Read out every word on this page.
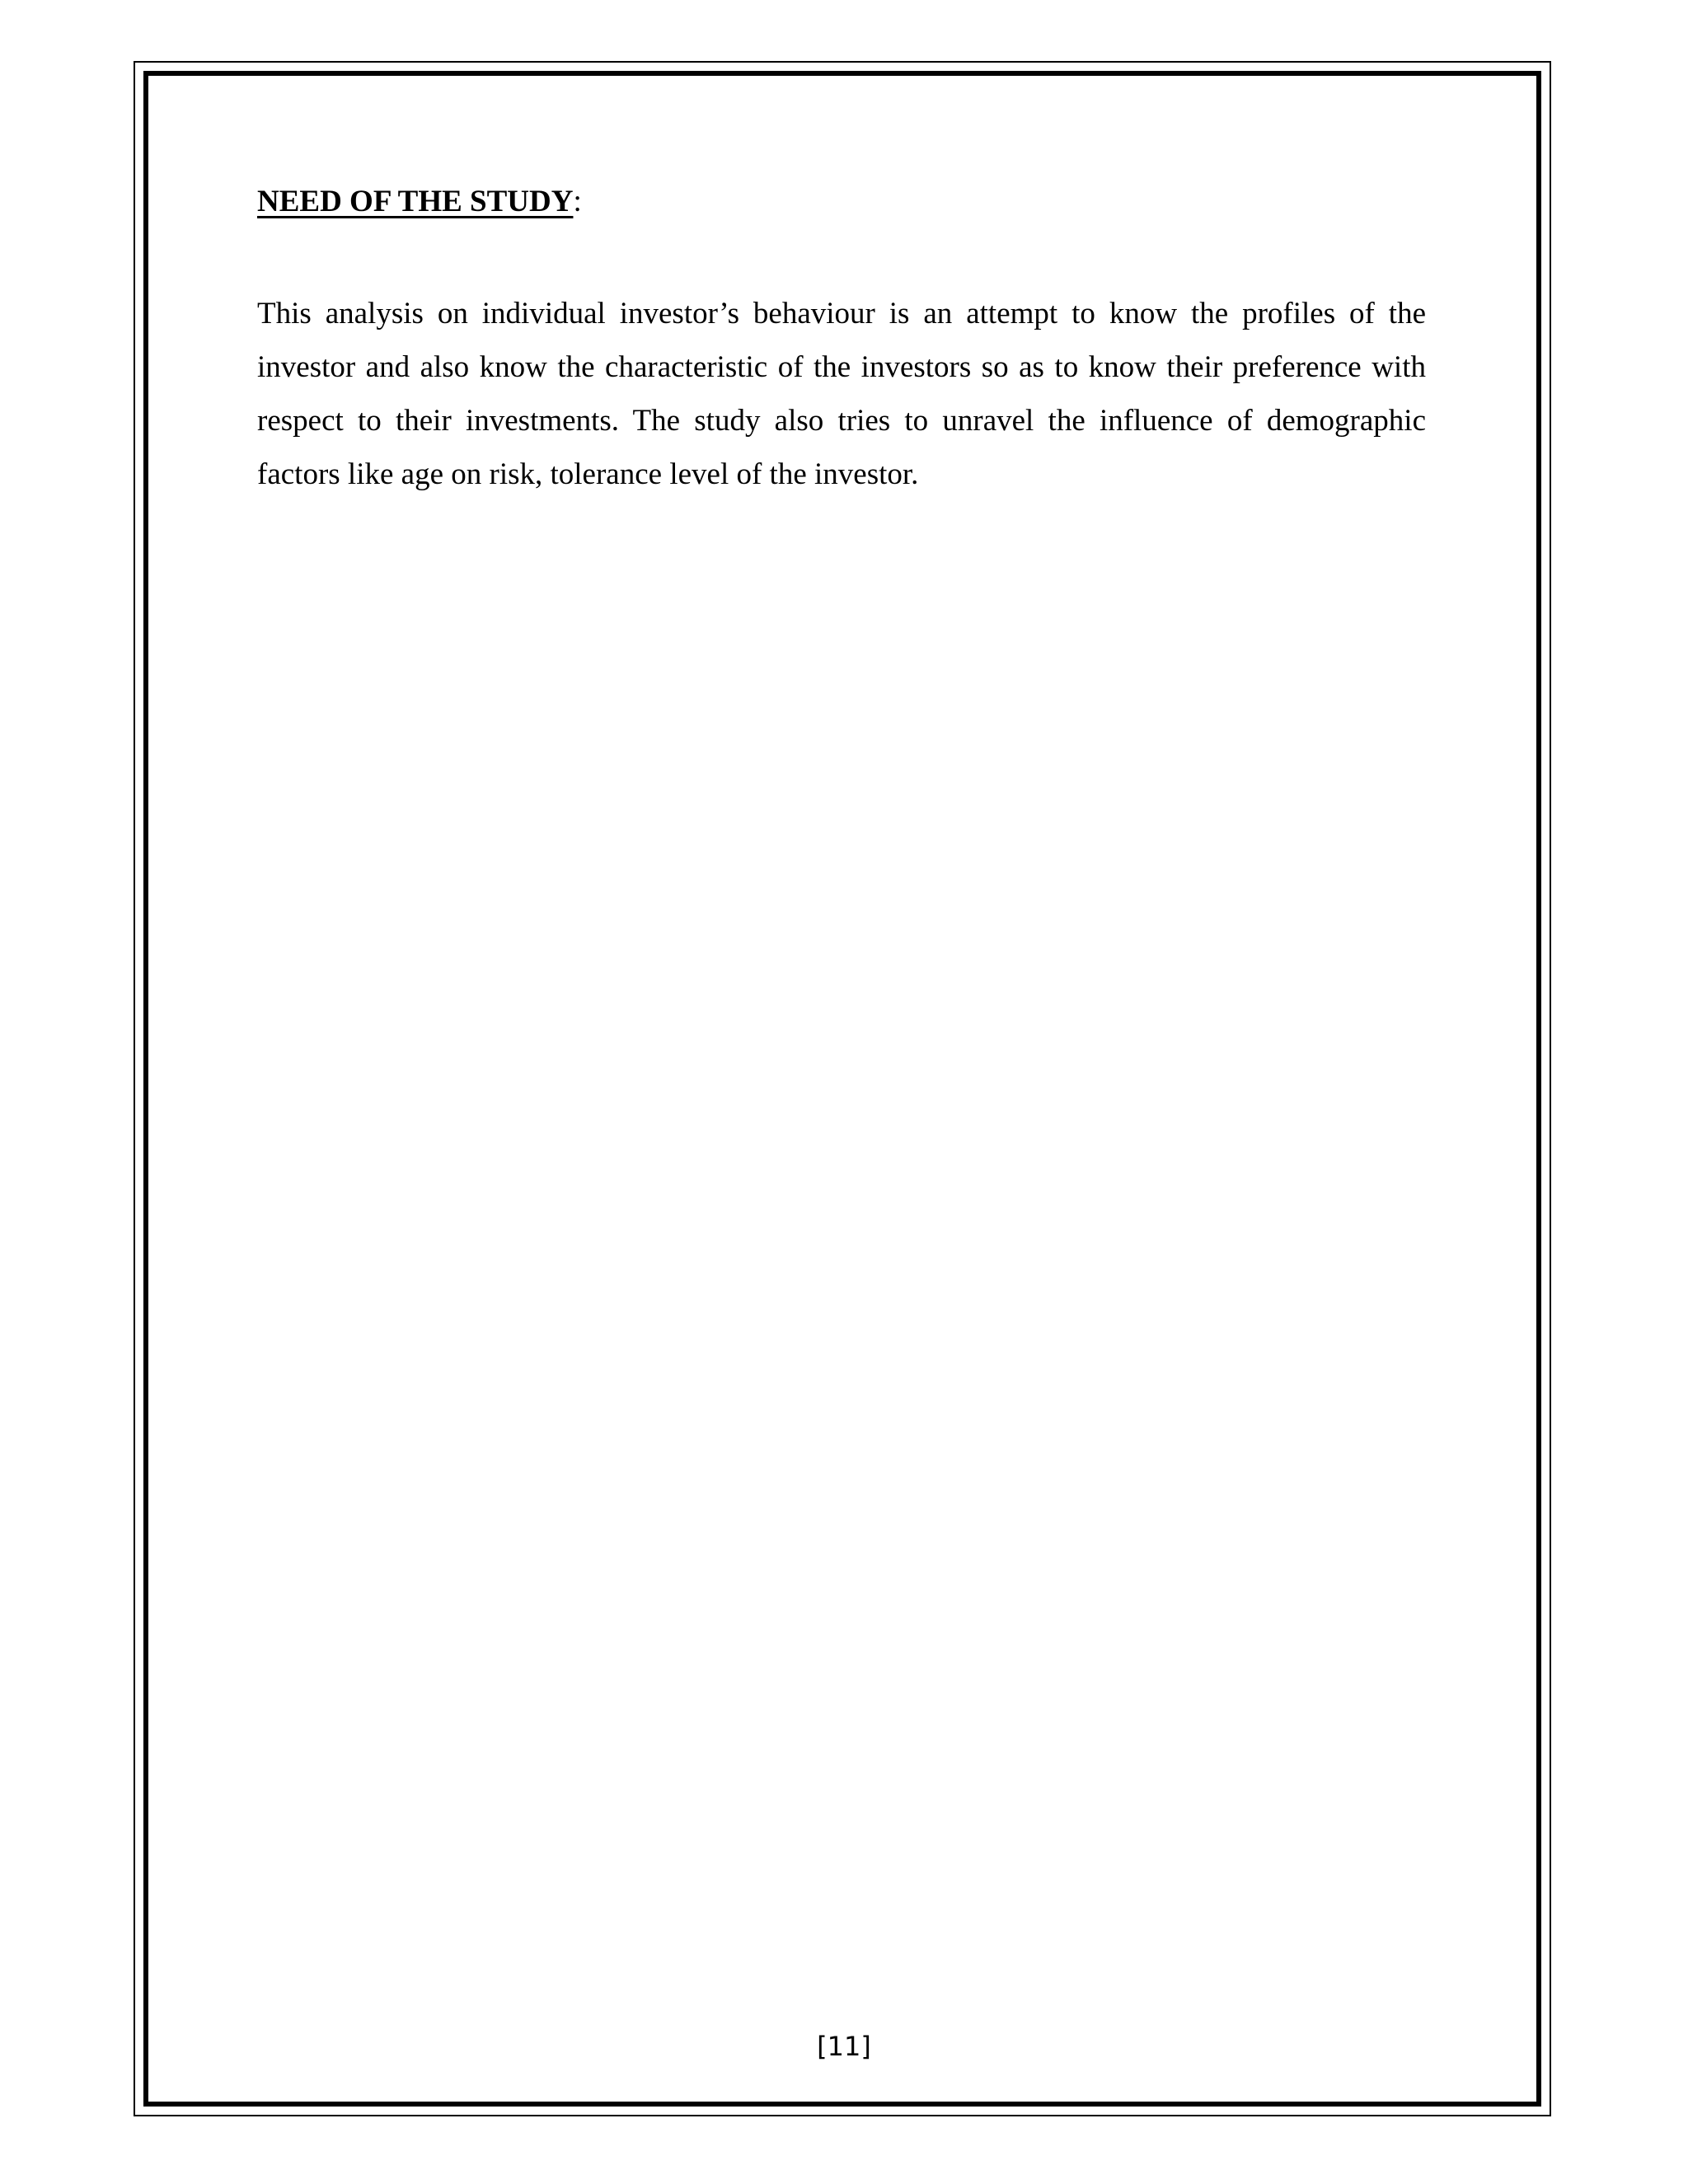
NEED OF THE STUDY:

This analysis on individual investor’s behaviour is an attempt to know the profiles of the investor and also know the characteristic of the investors so as to know their preference with respect to their investments. The study also tries to unravel the influence of demographic factors like age on risk, tolerance level of the investor.

[11]
